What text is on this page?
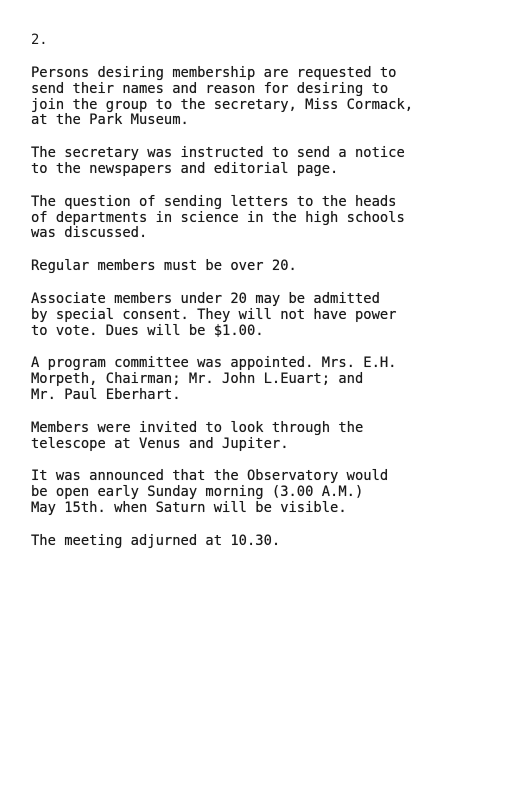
2.
Persons desiring membership are requested to
send their names and reason for desiring to
join the group to the secretary, Miss Cormack,
at the Park Museum.
The secretary was instructed to send a notice
to the newspapers and editorial page.
The question of sending letters to the heads
of departments in science in the high schools
was discussed.
Regular members must be over 20.
Associate members under 20 may be admitted
by special consent. They will not have power
to vote. Dues will be $1.00.
A program committee was appointed. Mrs. E.H.
Morpeth, Chairman; Mr. John L.Euart; and
Mr. Paul Eberhart.
Members were invited to look through the
telescope at Venus and Jupiter.
It was announced that the Observatory would
be open early Sunday morning (3.00 A.M.)
May 15th. when Saturn will be visible.
The meeting adjurned at 10.30.
